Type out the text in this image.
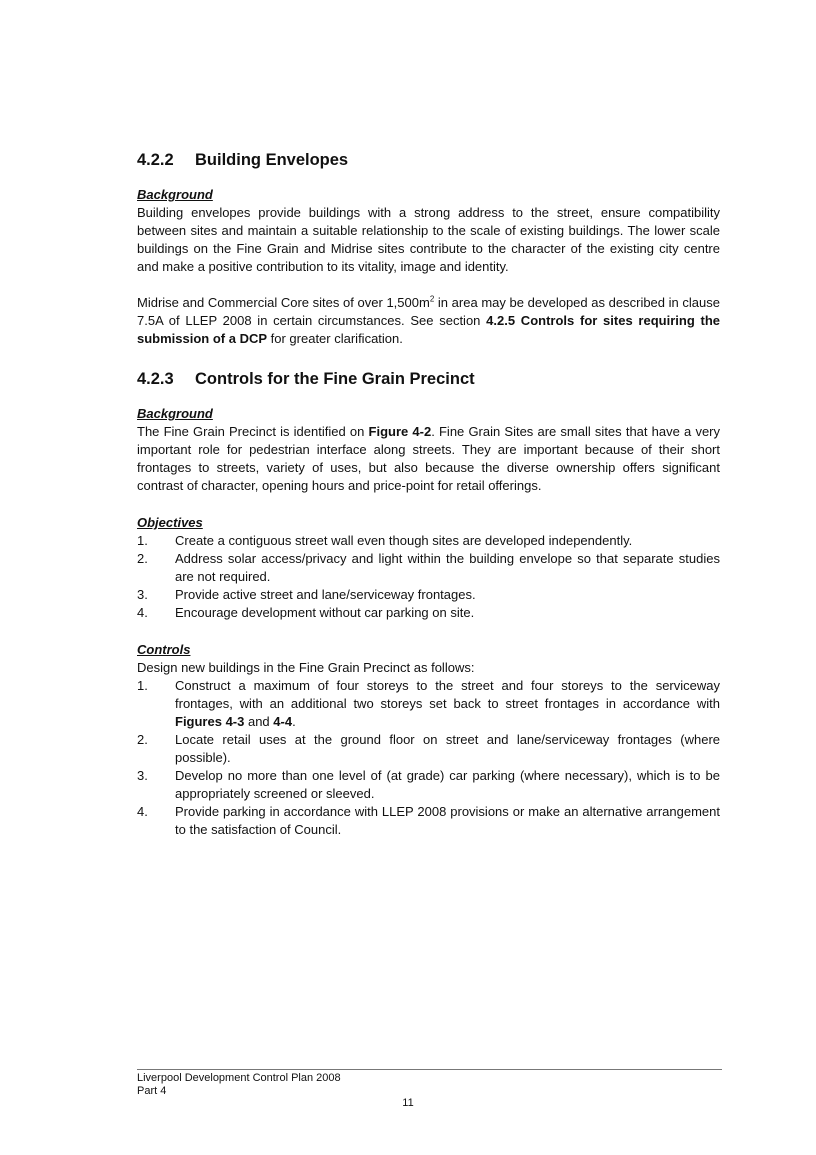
4.2.2 Building Envelopes
Background

Building envelopes provide buildings with a strong address to the street, ensure compatibility between sites and maintain a suitable relationship to the scale of existing buildings. The lower scale buildings on the Fine Grain and Midrise sites contribute to the character of the existing city centre and make a positive contribution to its vitality, image and identity.

Midrise and Commercial Core sites of over $1,500m^2$ in area may be developed as described in clause 7.5A of LLEP 2008 in certain circumstances. See section 4.2.5 Controls for sites requiring the submission of a DCP for greater clarification.

4.2.3 Controls for the Fine Grain Precinct
Background

The Fine Grain Precinct is identified on Figure 4-2. Fine Grain Sites are small sites that have a very important role for pedestrian interface along streets. They are important because of their short frontages to streets, variety of uses, but also because the diverse ownership offers significant contrast of character, opening hours and price-point for retail offerings.

Objectives
1. Create a contiguous street wall even though sites are developed independently.
2. Address solar access/privacy and light within the building envelope so that separate studies are not required.
3. Provide active street and lane/serviceway frontages.
4. Encourage development without car parking on site.
Controls

Design new buildings in the Fine Grain Precinct as follows:

1. Construct a maximum of four storeys to the street and four storeys to the serviceway frontages, with an additional two storeys set back to street frontages in accordance with Figures 4-3 and 4-4.
2. Locate retail uses at the ground floor on street and lane/serviceway frontages (where possible).
3. Develop no more than one level of (at grade) car parking (where necessary), which is to be appropriately screened or sleeved.
4. Provide parking in accordance with LLEP 2008 provisions or make an alternative arrangement to the satisfaction of Council.
Liverpool Development Control Plan 2008
Part 4
11
